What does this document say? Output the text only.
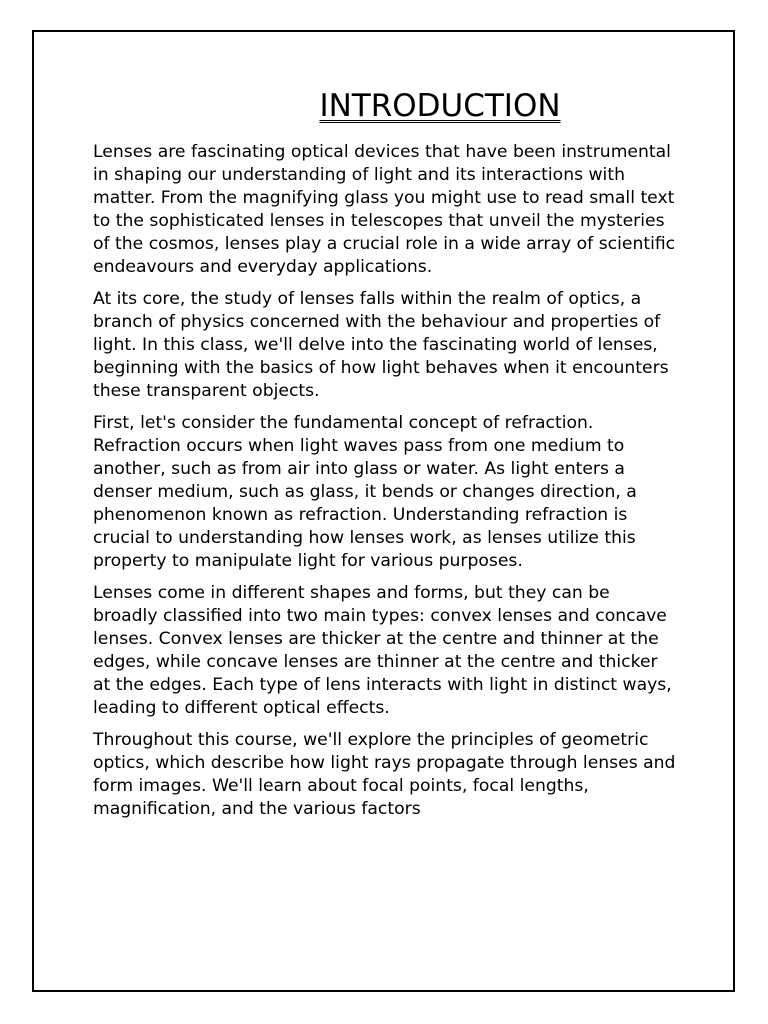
INTRODUCTION

Lenses are fascinating optical devices that have been instrumental in shaping our understanding of light and its interactions with matter. From the magnifying glass you might use to read small text to the sophisticated lenses in telescopes that unveil the mysteries of the cosmos, lenses play a crucial role in a wide array of scientific endeavours and everyday applications.

At its core, the study of lenses falls within the realm of optics, a branch of physics concerned with the behaviour and properties of light. In this class, we'll delve into the fascinating world of lenses, beginning with the basics of how light behaves when it encounters these transparent objects.

First, let's consider the fundamental concept of refraction. Refraction occurs when light waves pass from one medium to another, such as from air into glass or water. As light enters a denser medium, such as glass, it bends or changes direction, a phenomenon known as refraction. Understanding refraction is crucial to understanding how lenses work, as lenses utilize this property to manipulate light for various purposes.

Lenses come in different shapes and forms, but they can be broadly classified into two main types: convex lenses and concave lenses. Convex lenses are thicker at the centre and thinner at the edges, while concave lenses are thinner at the centre and thicker at the edges. Each type of lens interacts with light in distinct ways, leading to different optical effects.

Throughout this course, we'll explore the principles of geometric optics, which describe how light rays propagate through lenses and form images. We'll learn about focal points, focal lengths, magnification, and the various factors
